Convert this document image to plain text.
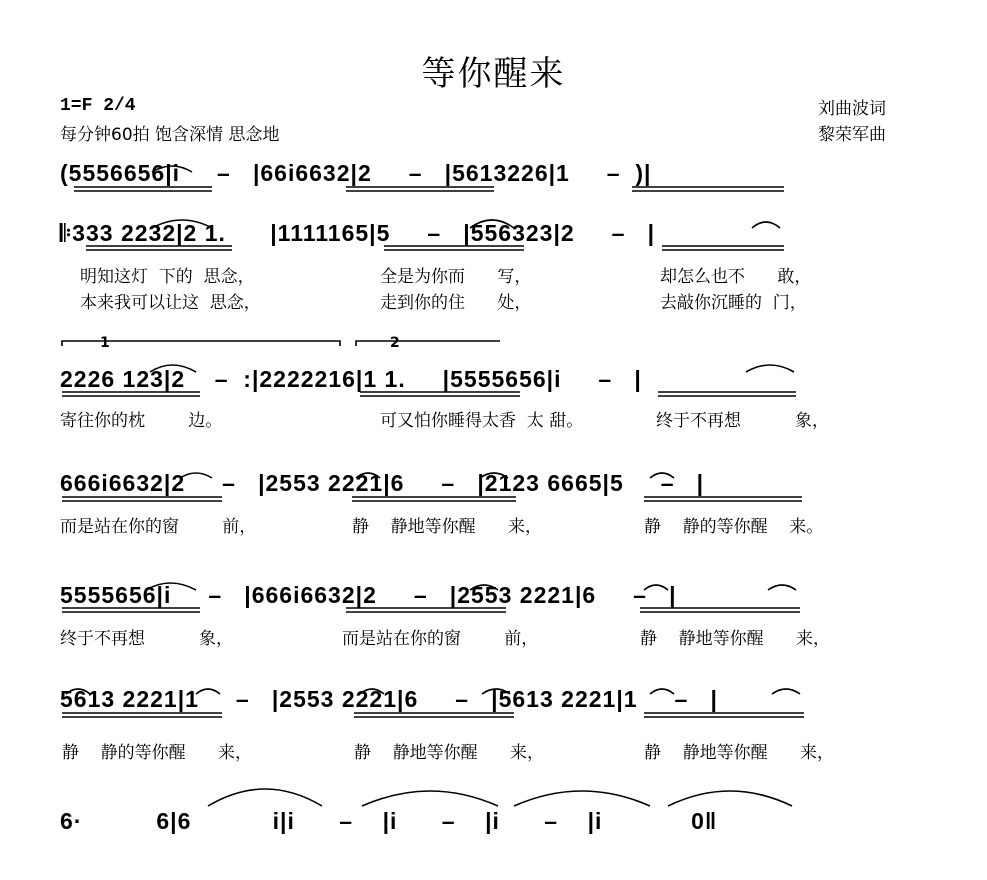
等你醒来
1=F 2/4
每分钟60拍 饱含深情 思念地
刘曲波词
黎荣军曲
1	2
(5556656|i     –   |66i6632|2     –   |5613226|1     –  )|
𝄆333 2232|2 1.      |1111165|5     –   |556323|2     –   |
2226 123|2    –  :|2222216|1 1.     |5555656|i     –   |
666i6632|2     –   |2553 2221|6     –   |2123 6665|5     –   |
5555656|i     –   |666i6632|2     –   |2553 2221|6     –   |
5613 2221|1     –   |2553 2221|6     –   |5613 2221|1     –   |
6·          6|6           i|i      –    |i      –    |i      –    |i            0‖
明知这灯  下的  思念，	全是为你而      写，	却怎么也不      敢，
本来我可以让这  思念，	走到你的住      处，	去敲你沉睡的  门，
寄往你的枕        边。	可又怕你睡得太香  太 甜。	终于不再想          象，
而是站在你的窗        前，	静    静地等你醒      来，	静    静的等你醒    来。
终于不再想          象，	而是站在你的窗        前，	静    静地等你醒      来，
静    静的等你醒      来，	静    静地等你醒      来，	静    静地等你醒      来，
